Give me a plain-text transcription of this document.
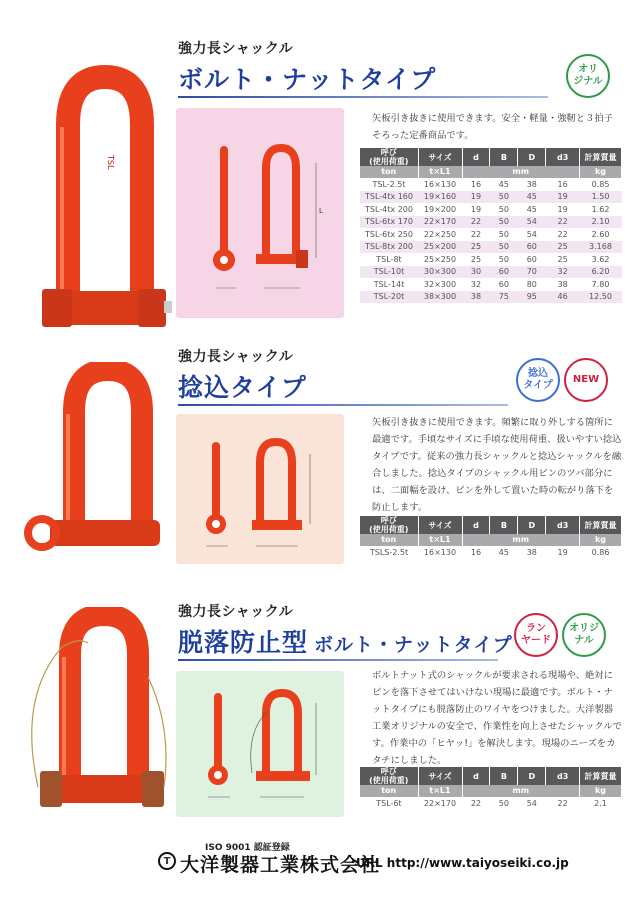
TSL
強力長シャックル
ボルト・ナットタイプ	オリ
ジナル
L
矢板引き抜きに使用できます。安全・軽量・強靭と３拍子そろった定番商品です。
呼び
(使用荷重)	サイズ	d	B	D	d3	計算質量
ton	t×L1	mm				kg
TSL-2.5t	16×130	16	45	38	16	0.85
TSL-4tx 160	19×160	19	50	45	19	1.50
TSL-4tx 200	19×200	19	50	45	19	1.62
TSL-6tx 170	22×170	22	50	54	22	2.10
TSL-6tx 250	22×250	22	50	54	22	2.60
TSL-8tx 200	25×200	25	50	60	25	3.168
TSL-8t	25×250	25	50	60	25	3.62
TSL-10t	30×300	30	60	70	32	6.20
TSL-14t	32×300	32	60	80	38	7.80
TSL-20t	38×300	38	75	95	46	12.50
強力長シャックル
捻込タイプ	捻込
タイプ
NEW
矢板引き抜きに使用できます。頻繁に取り外しする箇所に最適です。手頃なサイズに手頃な使用荷重、扱いやすい捻込タイプです。従来の強力長シャックルと捻込シャックルを融合しました。捻込タイプのシャックル用ピンのツバ部分には、二面幅を設け、ピンを外して置いた時の転がり落下を防止します。
呼び
(使用荷重)	サイズ	d	B	D	d3	計算質量
ton	t×L1	mm				kg
TSLS-2.5t	16×130	16	45	38	19	0.86
強力長シャックル
脱落防止型 ボルト・ナットタイプ
ラン
ヤード
オリジ
ナル
ボルトナット式のシャックルが要求される現場や、絶対にピンを落下させてはいけない現場に最適です。ボルト・ナットタイプにも脱落防止のワイヤをつけました。大洋製器工業オリジナルの安全で、作業性を向上させたシャックルです。作業中の「ヒヤッ!」を解決します。現場のニーズをカタチにしました。
呼び
(使用荷重)	サイズ	d	B	D	d3	計算質量
ton	t×L1	mm				kg
TSL-6t	22×170	22	50	54	22	2.1
ISO 9001 認証登録
T 大洋製器工業株式会社
URL http://www.taiyoseiki.co.jp
